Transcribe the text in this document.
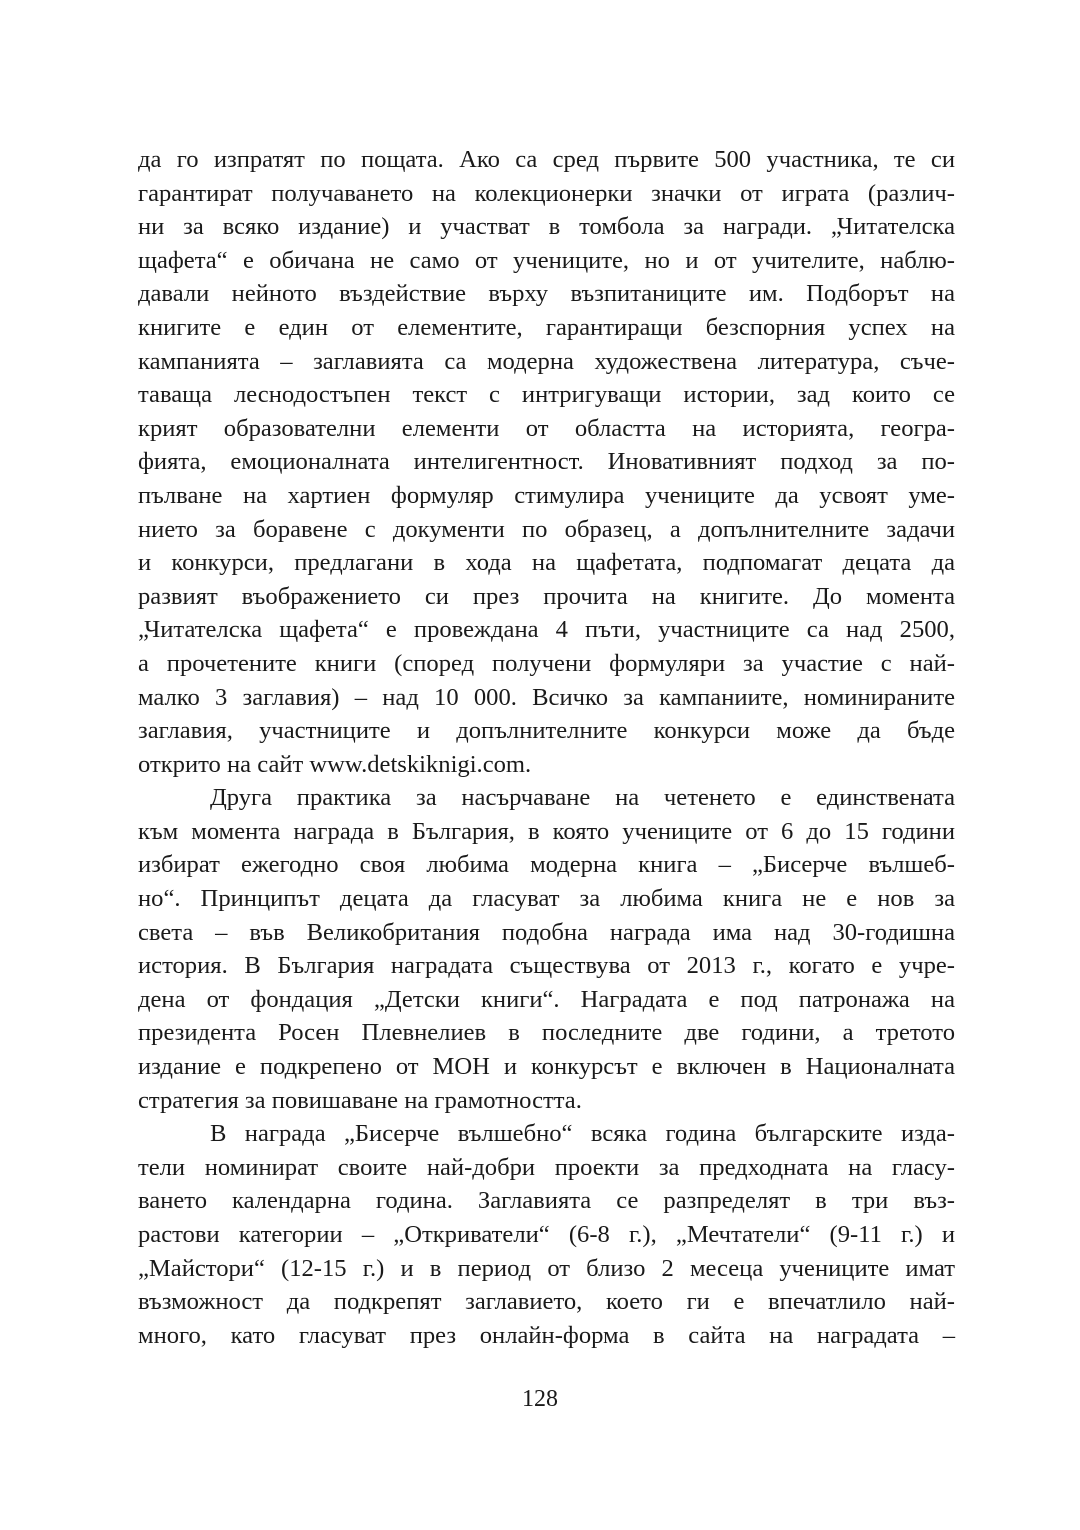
да го изпратят по пощата. Ако са сред първите 500 участника, те си
гарантират получаването на колекционерки значки от играта (различ-
ни за всяко издание) и участват в томбола за награди. „Читателска
щафета“ е обичана не само от учениците, но и от учителите, наблю-
давали нейното въздействие върху възпитаниците им. Подборът на
книгите е един от елементите, гарантиращи безспорния успех на
кампанията – заглавията са модерна художествена литература, съче-
таваща леснодостъпен текст с интригуващи истории, зад които се
крият образователни елементи от областта на историята, геогра-
фията, емоционалната интелигентност. Иновативният подход за по-
пълване на хартиен формуляр стимулира учениците да усвоят уме-
нието за боравене с документи по образец, а допълнителните задачи
и конкурси, предлагани в хода на щафетата, подпомагат децата да
развият въображението си през прочита на книгите. До момента
„Читателска щафета“ е провеждана 4 пъти, участниците са над 2500,
а прочетените книги (според получени формуляри за участие с най-
малко 3 заглавия) – над 10 000. Всичко за кампаниите, номинираните
заглавия, участниците и допълнителните конкурси може да бъде
открито на сайт www.detskiknigi.com.
Друга практика за насърчаване на четенето е единствената
към момента награда в България, в която учениците от 6 до 15 години
избират ежегодно своя любима модерна книга – „Бисерче вълшеб-
но“. Принципът децата да гласуват за любима книга не е нов за
света – във Великобритания подобна награда има над 30-годишна
история. В България наградата съществува от 2013 г., когато е учре-
дена от фондация „Детски книги“. Наградата е под патронажа на
президента Росен Плевнелиев в последните две години, а третото
издание е подкрепено от МОН и конкурсът е включен в Националната
стратегия за повишаване на грамотността.
В награда „Бисерче вълшебно“ всяка година българските изда-
тели номинират своите най-добри проекти за предходната на гласу-
ването календарна година. Заглавията се разпределят в три въз-
растови категории – „Откриватели“ (6-8 г.), „Мечтатели“ (9-11 г.) и
„Майстори“ (12-15 г.) и в период от близо 2 месеца учениците имат
възможност да подкрепят заглавието, което ги е впечатлило най-
много, като гласуват през онлайн-форма в сайта на наградата –
128
